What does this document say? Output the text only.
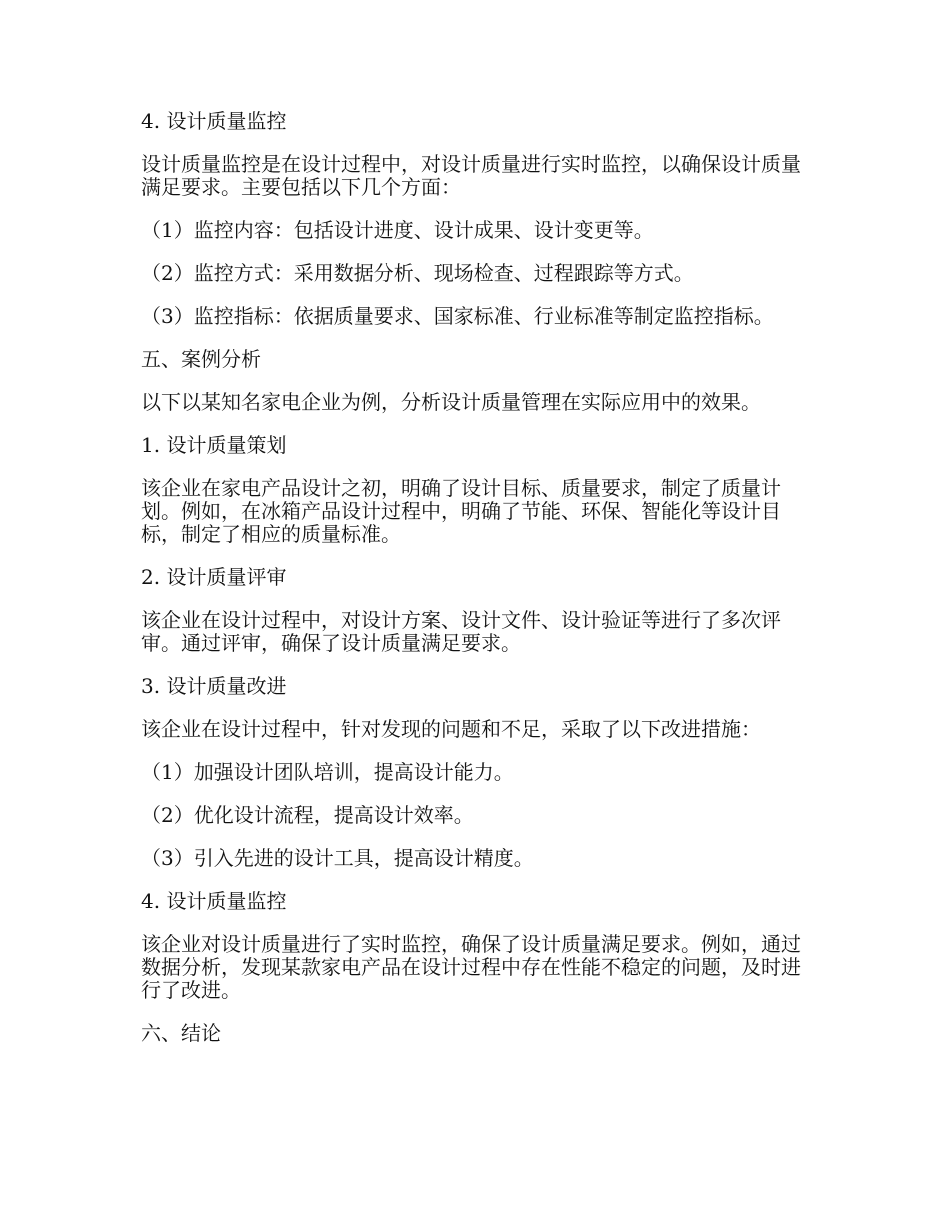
4. 设计质量监控

设计质量监控是在设计过程中，对设计质量进行实时监控，以确保设计质量满足要求。主要包括以下几个方面：

（1）监控内容：包括设计进度、设计成果、设计变更等。

（2）监控方式：采用数据分析、现场检查、过程跟踪等方式。

（3）监控指标：依据质量要求、国家标准、行业标准等制定监控指标。

五、案例分析

以下以某知名家电企业为例，分析设计质量管理在实际应用中的效果。

1. 设计质量策划

该企业在家电产品设计之初，明确了设计目标、质量要求，制定了质量计划。例如，在冰箱产品设计过程中，明确了节能、环保、智能化等设计目标，制定了相应的质量标准。

2. 设计质量评审

该企业在设计过程中，对设计方案、设计文件、设计验证等进行了多次评审。通过评审，确保了设计质量满足要求。

3. 设计质量改进

该企业在设计过程中，针对发现的问题和不足，采取了以下改进措施：

（1）加强设计团队培训，提高设计能力。

（2）优化设计流程，提高设计效率。

（3）引入先进的设计工具，提高设计精度。

4. 设计质量监控

该企业对设计质量进行了实时监控，确保了设计质量满足要求。例如，通过数据分析，发现某款家电产品在设计过程中存在性能不稳定的问题，及时进行了改进。

六、结论
